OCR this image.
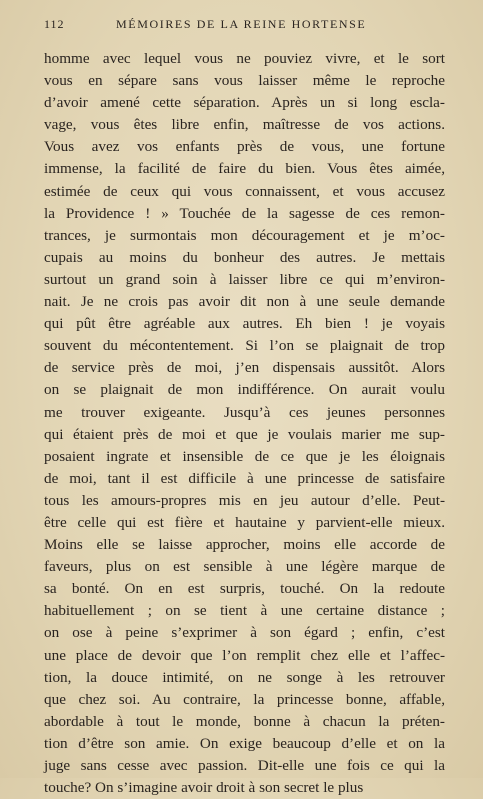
112	MÉMOIRES DE LA REINE HORTENSE
homme avec lequel vous ne pouviez vivre, et le sort
vous en sépare sans vous laisser même le reproche
d’avoir amené cette séparation. Après un si long escla-
vage, vous êtes libre enfin, maîtresse de vos actions.
Vous avez vos enfants près de vous, une fortune
immense, la facilité de faire du bien. Vous êtes aimée,
estimée de ceux qui vous connaissent, et vous accusez
la Providence ! » Touchée de la sagesse de ces remon-
trances, je surmontais mon découragement et je m’oc-
cupais au moins du bonheur des autres. Je mettais
surtout un grand soin à laisser libre ce qui m’environ-
nait. Je ne crois pas avoir dit non à une seule demande
qui pût être agréable aux autres. Eh bien ! je voyais
souvent du mécontentement. Si l’on se plaignait de trop
de service près de moi, j’en dispensais aussitôt. Alors
on se plaignait de mon indifférence. On aurait voulu
me trouver exigeante. Jusqu’à ces jeunes personnes
qui étaient près de moi et que je voulais marier me sup-
posaient ingrate et insensible de ce que je les éloignais
de moi, tant il est difficile à une princesse de satisfaire
tous les amours-propres mis en jeu autour d’elle. Peut-
être celle qui est fière et hautaine y parvient-elle mieux.
Moins elle se laisse approcher, moins elle accorde de
faveurs, plus on est sensible à une légère marque de
sa bonté. On en est surpris, touché. On la redoute
habituellement ; on se tient à une certaine distance ;
on ose à peine s’exprimer à son égard ; enfin, c’est
une place de devoir que l’on remplit chez elle et l’affec-
tion, la douce intimité, on ne songe à les retrouver
que chez soi. Au contraire, la princesse bonne, affable,
abordable à tout le monde, bonne à chacun la préten-
tion d’être son amie. On exige beaucoup d’elle et on la
juge sans cesse avec passion. Dit-elle une fois ce qui la
touche? On s’imagine avoir droit à son secret le plus
